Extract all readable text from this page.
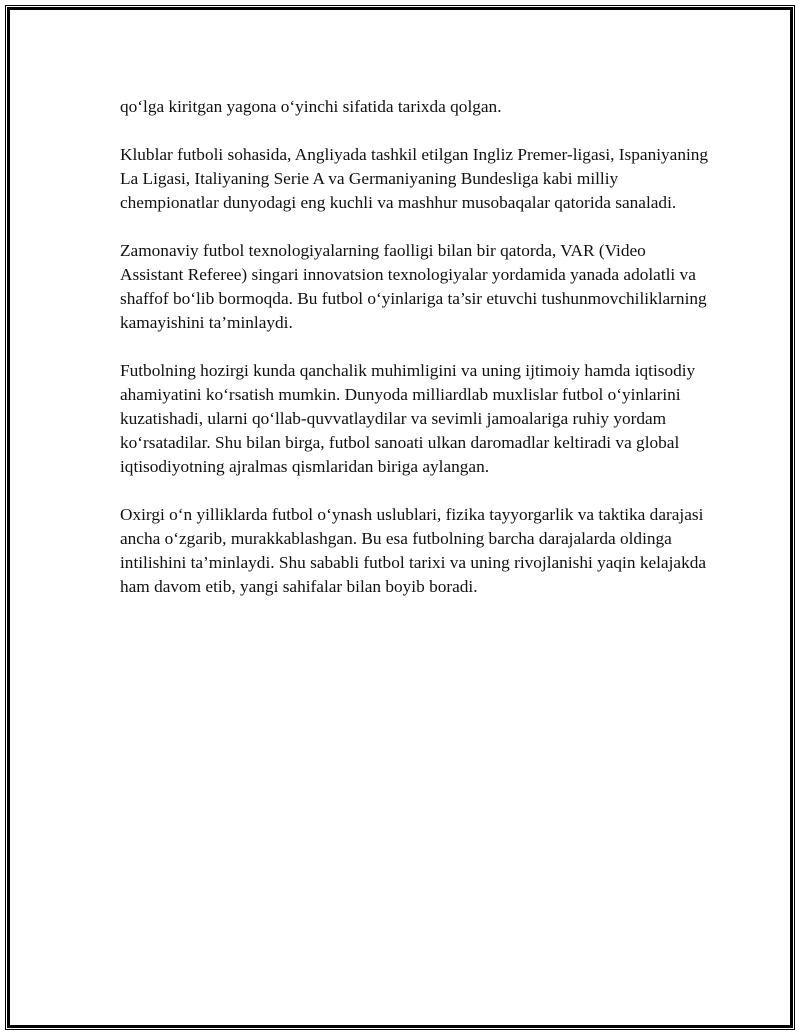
qo‘lga kiritgan yagona o‘yinchi sifatida tarixda qolgan.

Klublar futboli sohasida, Angliyada tashkil etilgan Ingliz Premer-ligasi, Ispaniyaning La Ligasi, Italiyaning Serie A va Germaniyaning Bundesliga kabi milliy chempionatlar dunyodagi eng kuchli va mashhur musobaqalar qatorida sanaladi.

Zamonaviy futbol texnologiyalarning faolligi bilan bir qatorda, VAR (Video Assistant Referee) singari innovatsion texnologiyalar yordamida yanada adolatli va shaffof bo‘lib bormoqda. Bu futbol o‘yinlariga ta’sir etuvchi tushunmovchiliklarning kamayishini ta’minlaydi.

Futbolning hozirgi kunda qanchalik muhimligini va uning ijtimoiy hamda iqtisodiy ahamiyatini ko‘rsatish mumkin. Dunyoda milliardlab muxlislar futbol o‘yinlarini kuzatishadi, ularni qo‘llab-quvvatlaydilar va sevimli jamoalariga ruhiy yordam ko‘rsatadilar. Shu bilan birga, futbol sanoati ulkan daromadlar keltiradi va global iqtisodiyotning ajralmas qismlaridan biriga aylangan.

Oxirgi o‘n yilliklarda futbol o‘ynash uslublari, fizika tayyorgarlik va taktika darajasi ancha o‘zgarib, murakkablashgan. Bu esa futbolning barcha darajalarda oldinga intilishini ta’minlaydi. Shu sababli futbol tarixi va uning rivojlanishi yaqin kelajakda ham davom etib, yangi sahifalar bilan boyib boradi.
